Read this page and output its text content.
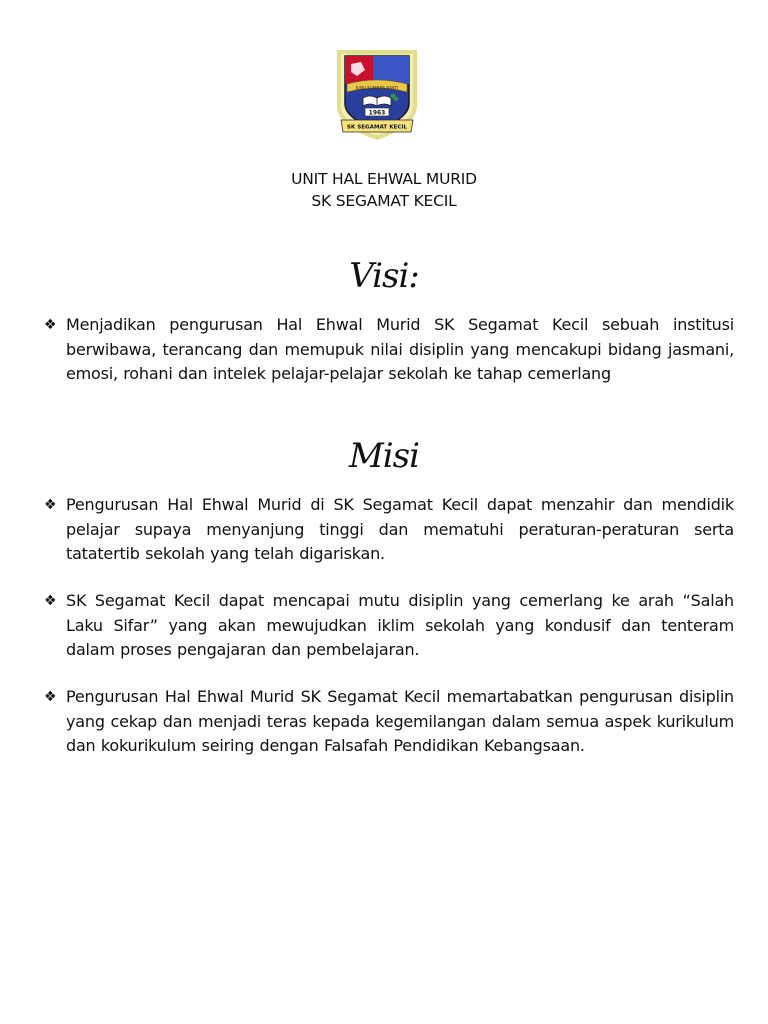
ILMU SUMBER BAKTI
1963
SK SEGAMAT KECIL
UNIT HAL EHWAL MURID
SK SEGAMAT KECIL
Visi:
❖ Menjadikan pengurusan Hal Ehwal Murid SK Segamat Kecil sebuah institusi berwibawa, terancang dan memupuk nilai disiplin yang mencakupi bidang jasmani, emosi, rohani dan intelek pelajar-pelajar sekolah ke tahap cemerlang
Misi
❖ Pengurusan Hal Ehwal Murid di SK Segamat Kecil dapat menzahir dan mendidik pelajar supaya menyanjung tinggi dan mematuhi peraturan-peraturan serta tatatertib sekolah yang telah digariskan.
❖ SK Segamat Kecil dapat mencapai mutu disiplin yang cemerlang ke arah “Salah Laku Sifar” yang akan mewujudkan iklim sekolah yang kondusif dan tenteram dalam proses pengajaran dan pembelajaran.
❖ Pengurusan Hal Ehwal Murid SK Segamat Kecil memartabatkan pengurusan disiplin yang cekap dan menjadi teras kepada kegemilangan dalam semua aspek kurikulum dan kokurikulum seiring dengan Falsafah Pendidikan Kebangsaan.
